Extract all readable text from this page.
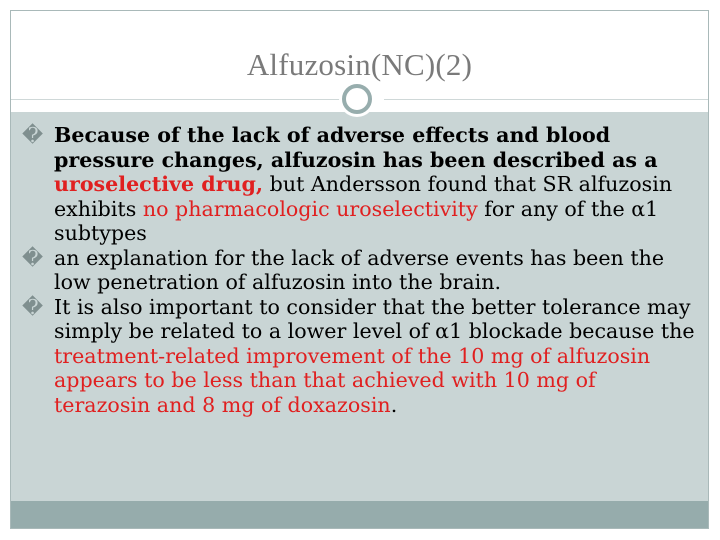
Alfuzosin(NC)(2)
� Because of the lack of adverse effects and blood pressure changes, alfuzosin has been described as a uroselective drug, but Andersson found that SR alfuzosin exhibits no pharmacologic uroselectivity for any of the α1 subtypes
� an explanation for the lack of adverse events has been the low penetration of alfuzosin into the brain.
� It is also important to consider that the better tolerance may simply be related to a lower level of α1 blockade because the treatment-related improvement of the 10 mg of alfuzosin appears to be less than that achieved with 10 mg of terazosin and 8 mg of doxazosin.
